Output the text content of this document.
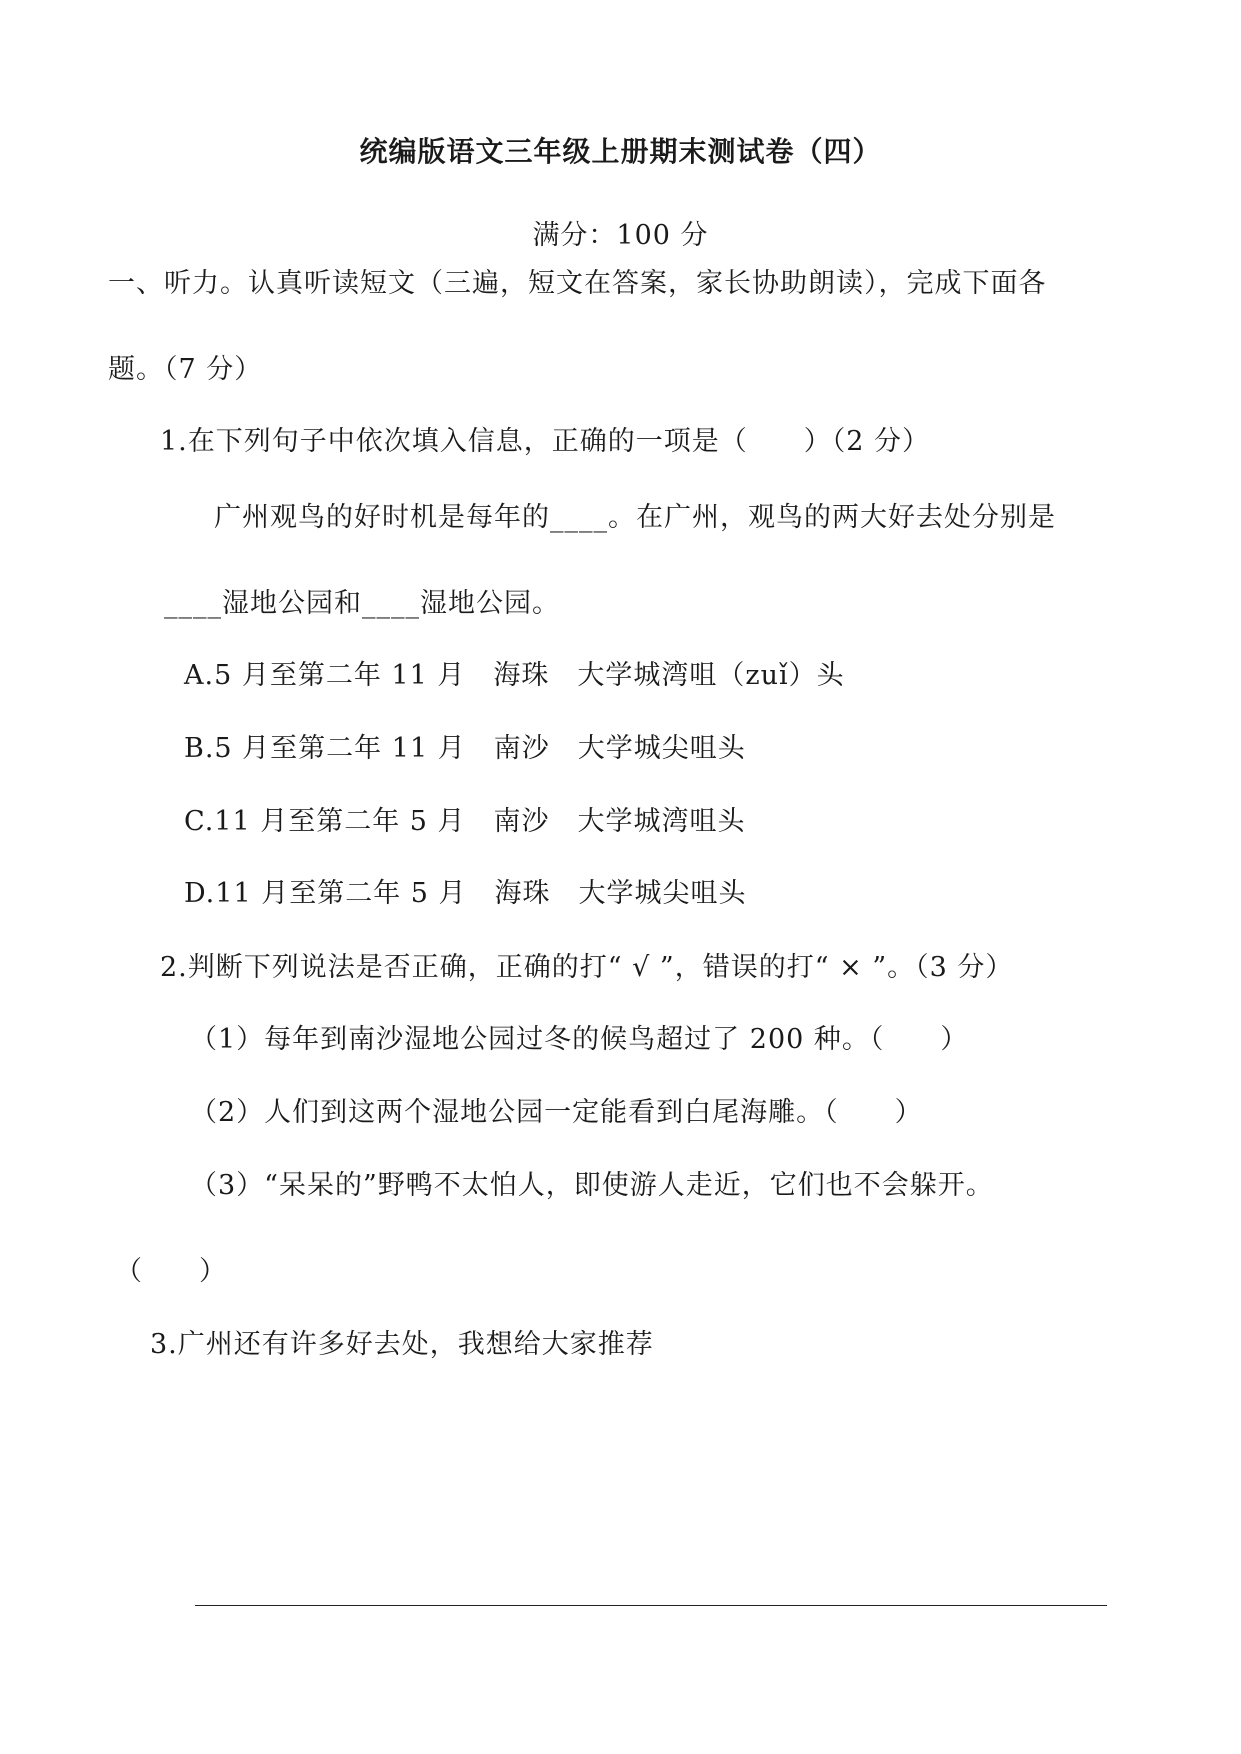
统编版语文三年级上册期末测试卷（四）
满分：100 分
一、听力。认真听读短文（三遍，短文在答案，家长协助朗读），完成下面各
题。（7 分）
1.在下列句子中依次填入信息，正确的一项是（　　）（2 分）
广州观鸟的好时机是每年的____。在广州，观鸟的两大好去处分别是
____湿地公园和____湿地公园。
A.5 月至第二年 11 月　海珠　大学城湾咀（zuǐ）头
B.5 月至第二年 11 月　南沙　大学城尖咀头
C.11 月至第二年 5 月　南沙　大学城湾咀头
D.11 月至第二年 5 月　海珠　大学城尖咀头
2.判断下列说法是否正确，正确的打“ √ ”，错误的打“ × ”。（3 分）
（1）每年到南沙湿地公园过冬的候鸟超过了 200 种。（　　）
（2）人们到这两个湿地公园一定能看到白尾海雕。（　　）
（3）“呆呆的”野鸭不太怕人，即使游人走近，它们也不会躲开。
（　　）
3.广州还有许多好去处，我想给大家推荐
